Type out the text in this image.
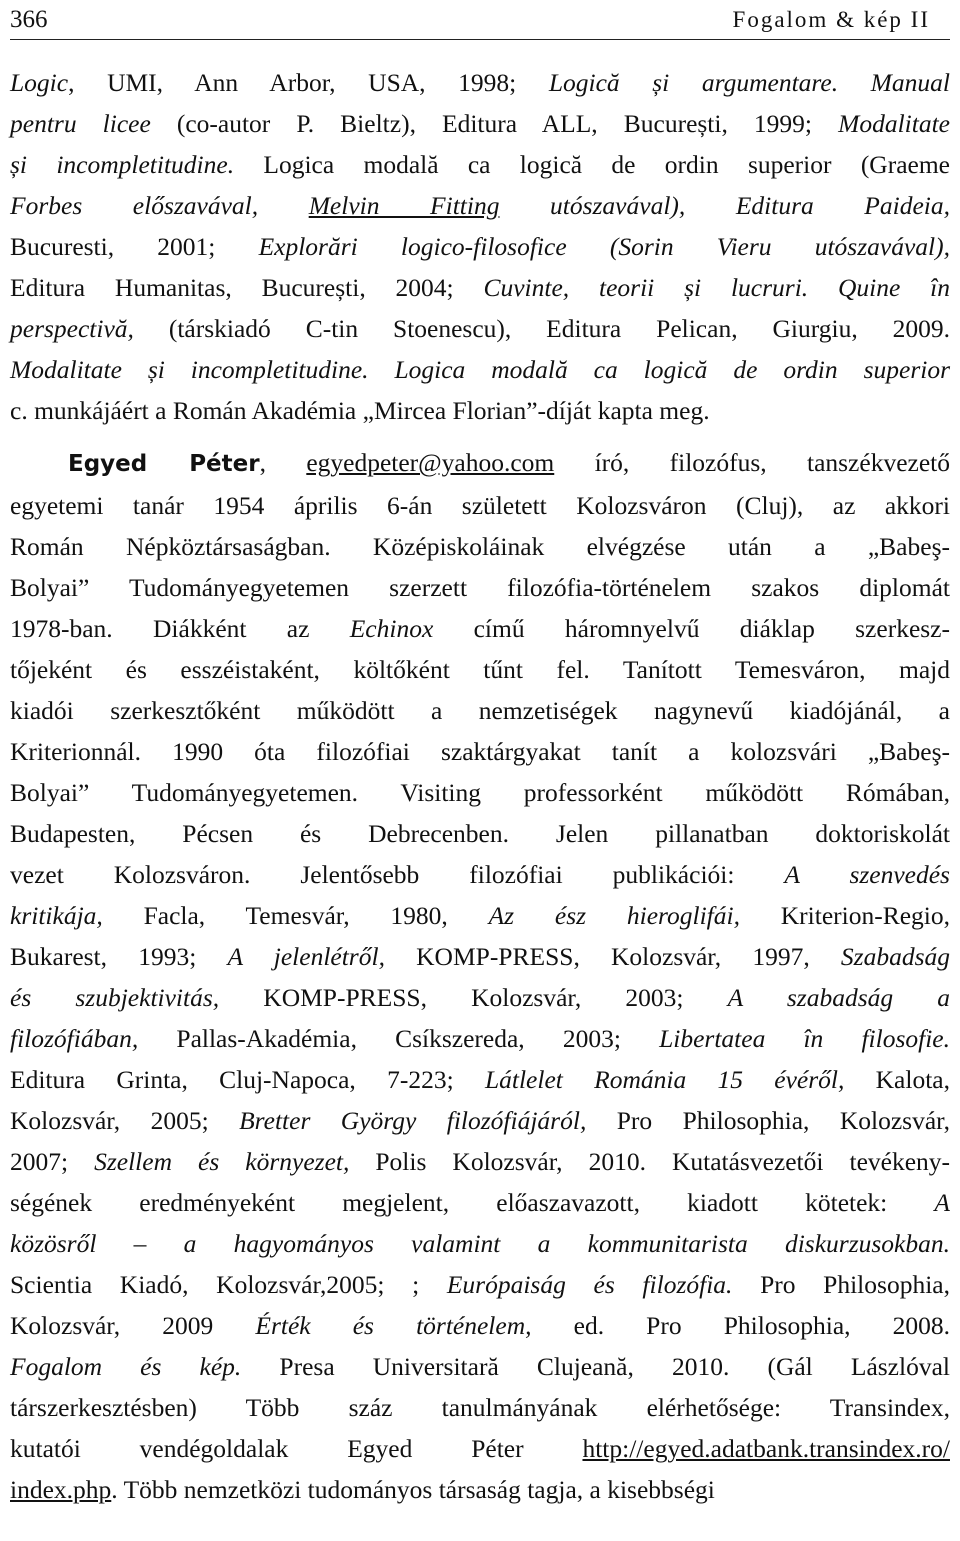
366	Fogalom & kép II

Logic, UMI, Ann Arbor, USA, 1998; Logică și argumentare. Manual
pentru licee (co-autor P. Bieltz), Editura ALL, București, 1999; Modalitate
și incompletitudine. Logica modală ca logică de ordin superior (Graeme
Forbes előszavával, Melvin Fitting utószavával), Editura Paideia,
Bucuresti, 2001; Explorări logico-filosofice (Sorin Vieru utószavával),
Editura Humanitas, București, 2004; Cuvinte, teorii și lucruri. Quine în
perspectivă, (társkiadó C-tin Stoenescu), Editura Pelican, Giurgiu, 2009.
Modalitate și incompletitudine. Logica modală ca logică de ordin superior
c. munkájáért a Román Akadémia „Mircea Florian”-díját kapta meg.

Egyed Péter, egyedpeter@yahoo.com író, filozófus, tanszékvezető
egyetemi tanár 1954 április 6-án született Kolozsváron (Cluj), az akkori
Román Népköztársaságban. Középiskoláinak elvégzése után a „Babeş-
Bolyai” Tudományegyetemen szerzett filozófia-történelem szakos diplomát
1978-ban. Diákként az Echinox című háromnyelvű diáklap szerkesz-
tőjeként és esszéistaként, költőként tűnt fel. Tanított Temesváron, majd
kiadói szerkesztőként működött a nemzetiségek nagynevű kiadójánál, a
Kriterionnál. 1990 óta filozófiai szaktárgyakat tanít a kolozsvári „Babeş-
Bolyai” Tudományegyetemen. Visiting professorként működött Rómában,
Budapesten, Pécsen és Debrecenben. Jelen pillanatban doktoriskolát
vezet Kolozsváron. Jelentősebb filozófiai publikációi: A szenvedés
kritikája, Facla, Temesvár, 1980, Az ész hieroglifái, Kriterion-Regio,
Bukarest, 1993; A jelenlétről, KOMP-PRESS, Kolozsvár, 1997, Szabadság
és szubjektivitás, KOMP-PRESS, Kolozsvár, 2003; A szabadság a
filozófiában, Pallas-Akadémia, Csíkszereda, 2003; Libertatea în filosofie.
Editura Grinta, Cluj-Napoca, 7-223; Látlelet Románia 15 évéről, Kalota,
Kolozsvár, 2005; Bretter György filozófiájáról, Pro Philosophia, Kolozsvár,
2007; Szellem és környezet, Polis Kolozsvár, 2010. Kutatásvezetői tevékeny-
ségének eredményeként megjelent, előaszavazott, kiadott kötetek: A
közösről – a hagyományos valamint a kommunitarista diskurzusokban.
Scientia Kiadó, Kolozsvár,2005; ; Európaiság és filozófia. Pro Philosophia,
Kolozsvár, 2009 Érték és történelem, ed. Pro Philosophia, 2008.
Fogalom és kép. Presa Universitară Clujeană, 2010. (Gál Lászlóval
társzerkesztésben) Több száz tanulmányának elérhetősége: Transindex,
kutatói vendégoldalak Egyed Péter http://egyed.adatbank.transindex.ro/
index.php. Több nemzetközi tudományos társaság tagja, a kisebbségi
